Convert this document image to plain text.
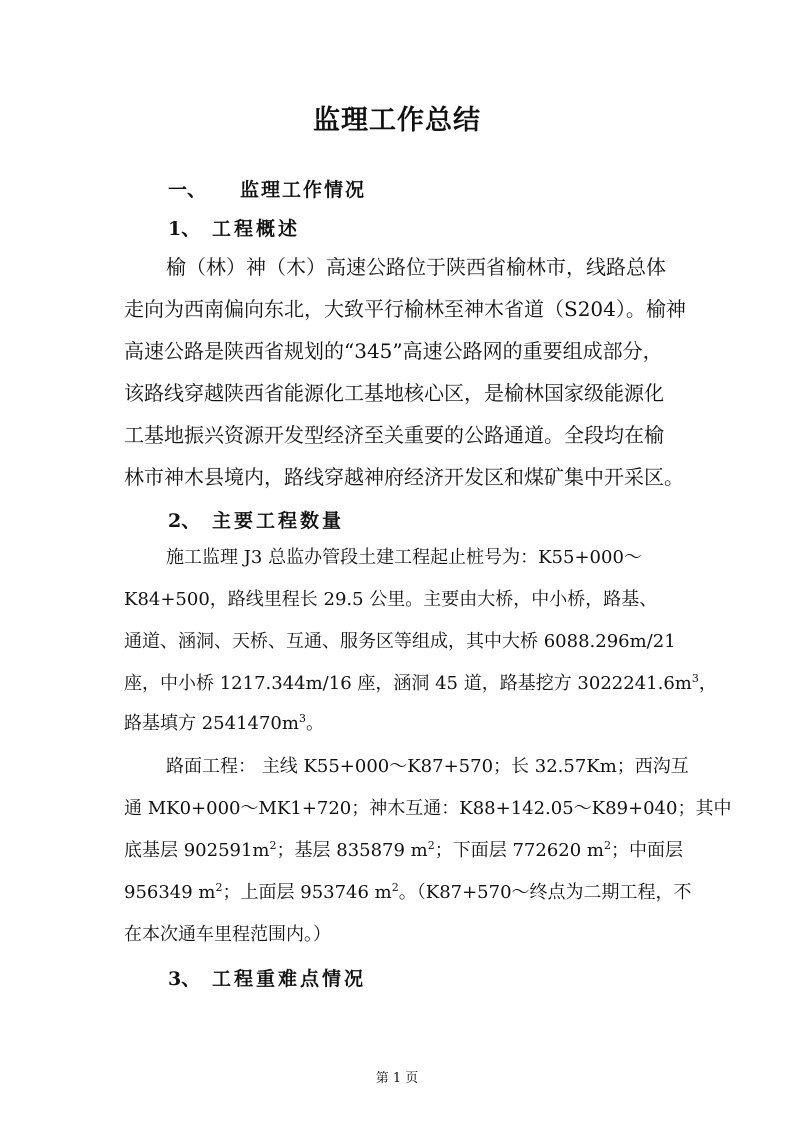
监理工作总结
一、 监理工作情况
1、 工程概述
榆（林）神（木）高速公路位于陕西省榆林市，线路总体
走向为西南偏向东北，大致平行榆林至神木省道（S204）。榆神
高速公路是陕西省规划的“345”高速公路网的重要组成部分，
该路线穿越陕西省能源化工基地核心区，是榆林国家级能源化
工基地振兴资源开发型经济至关重要的公路通道。全段均在榆
林市神木县境内，路线穿越神府经济开发区和煤矿集中开采区。
2、 主要工程数量
施工监理 J3 总监办管段土建工程起止桩号为：K55+000～
K84+500，路线里程长 29.5 公里。主要由大桥，中小桥，路基、
通道、涵洞、天桥、互通、服务区等组成，其中大桥 6088.296m/21
座，中小桥 1217.344m/16 座，涵洞 45 道，路基挖方 $3022241.6m^3$，
路基填方 $2541470m^3$。
路面工程： 主线 K55+000～K87+570；长 32.57Km；西沟互
通 MK0+000～MK1+720；神木互通：K88+142.05～K89+040；其中
底基层 $902591m^2$；基层 835879 $m^2$；下面层 772620 $m^2$；中面层
956349 $m^2$；上面层 953746 $m^2$。（K87+570～终点为二期工程，不
在本次通车里程范围内。）
3、 工程重难点情况
第 1 页
